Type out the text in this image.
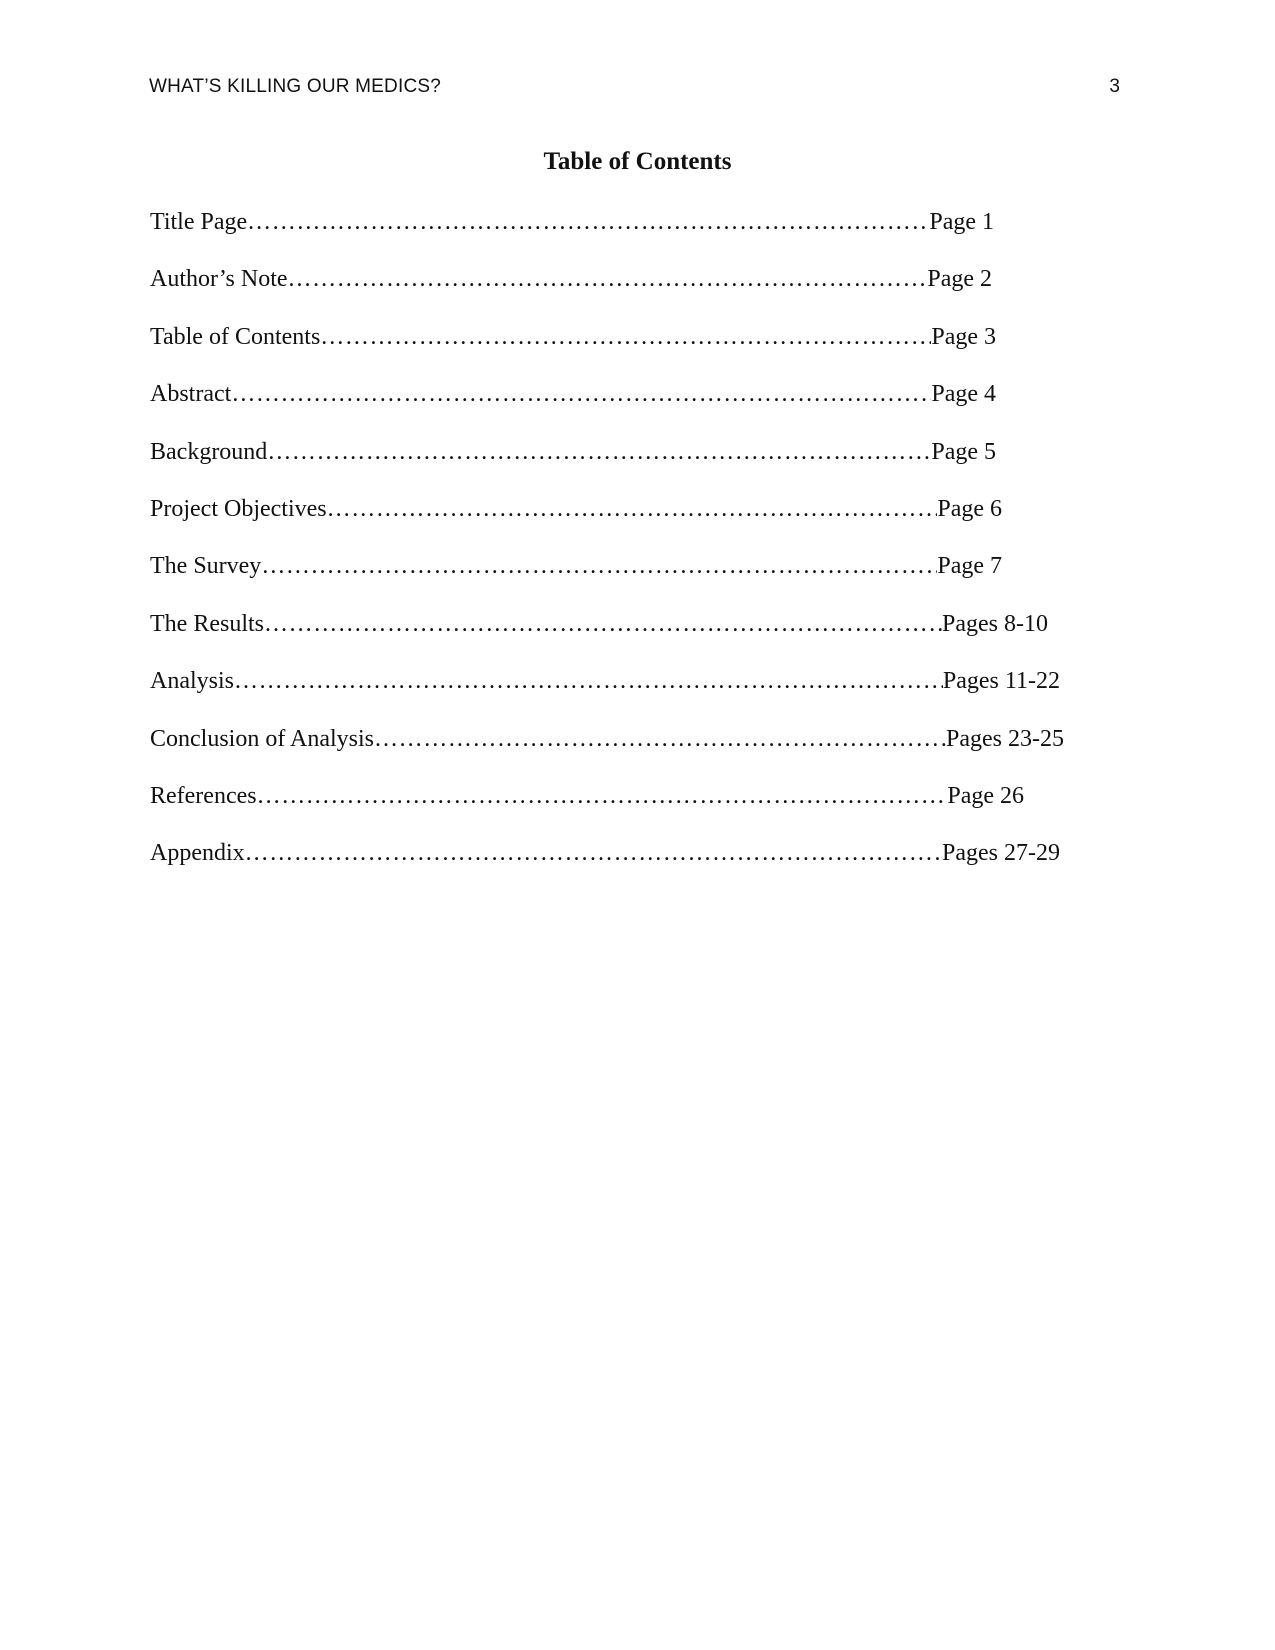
WHAT’S KILLING OUR MEDICS?	3
Table of Contents
Title Page ………………………………………………………………………………………………………………………………………………………………	Page 1
Author’s Note ………………………………………………………………………………………………………………………………………………………………	Page 2
Table of Contents ………………………………………………………………………………………………………………………………………………………………	Page 3
Abstract ………………………………………………………………………………………………………………………………………………………………	Page 4
Background ………………………………………………………………………………………………………………………………………………………………	Page 5
Project Objectives ………………………………………………………………………………………………………………………………………………………………	Page 6
The Survey ………………………………………………………………………………………………………………………………………………………………	Page 7
The Results ………………………………………………………………………………………………………………………………………………………………	Pages 8-10
Analysis ………………………………………………………………………………………………………………………………………………………………	Pages 11-22
Conclusion of Analysis ………………………………………………………………………………………………………………………………………………………………	Pages 23-25
References ………………………………………………………………………………………………………………………………………………………………	Page 26
Appendix ………………………………………………………………………………………………………………………………………………………………	Pages 27-29
